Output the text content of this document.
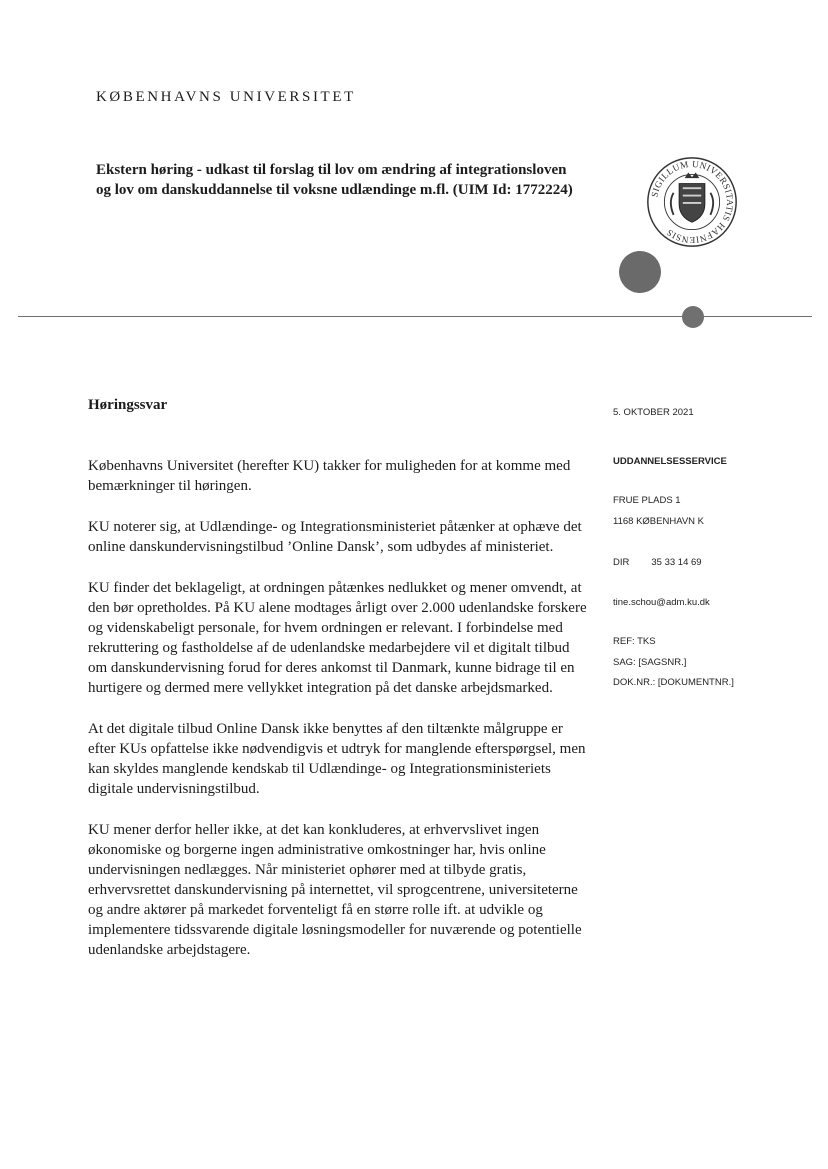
KØBENHAVNS UNIVERSITET
Ekstern høring - udkast til forslag til lov om ændring af integrationsloven og lov om danskuddannelse til voksne udlændinge m.fl. (UIM Id: 1772224)	SIGILLUM UNIVERSITATIS HAFNIENSIS
Høringssvar

Københavns Universitet (herefter KU) takker for muligheden for at komme med bemærkninger til høringen.

KU noterer sig, at Udlændinge- og Integrationsministeriet påtænker at ophæve det online danskundervisningstilbud ’Online Dansk’, som udbydes af ministeriet.

KU finder det beklageligt, at ordningen påtænkes nedlukket og mener omvendt, at den bør opretholdes. På KU alene modtages årligt over 2.000 udenlandske forskere og videnskabeligt personale, for hvem ordningen er relevant. I forbindelse med rekruttering og fastholdelse af de udenlandske medarbejdere vil et digitalt tilbud om danskundervisning forud for deres ankomst til Danmark, kunne bidrage til en hurtigere og dermed mere vellykket integration på det danske arbejdsmarked.

At det digitale tilbud Online Dansk ikke benyttes af den tiltænkte målgruppe er efter KUs opfattelse ikke nødvendigvis et udtryk for manglende efterspørgsel, men kan skyldes manglende kendskab til Udlændinge- og Integrationsministeriets digitale undervisningstilbud.

KU mener derfor heller ikke, at det kan konkluderes, at erhvervslivet ingen økonomiske og borgerne ingen administrative omkostninger har, hvis online undervisningen nedlægges. Når ministeriet ophører med at tilbyde gratis, erhvervsrettet danskundervisning på internettet, vil sprogcentrene, universiteterne og andre aktører på markedet forventeligt få en større rolle ift. at udvikle og implementere tidssvarende digitale løsningsmodeller for nuværende og potentielle udenlandske arbejdstagere.

5. OKTOBER 2021
UDDANNELSESSERVICE
FRUE PLADS 1
1168 KØBENHAVN K
DIR 35 33 14 69
tine.schou@adm.ku.dk
REF: TKS
SAG: [SAGSNR.]
DOK.NR.: [DOKUMENTNR.]
